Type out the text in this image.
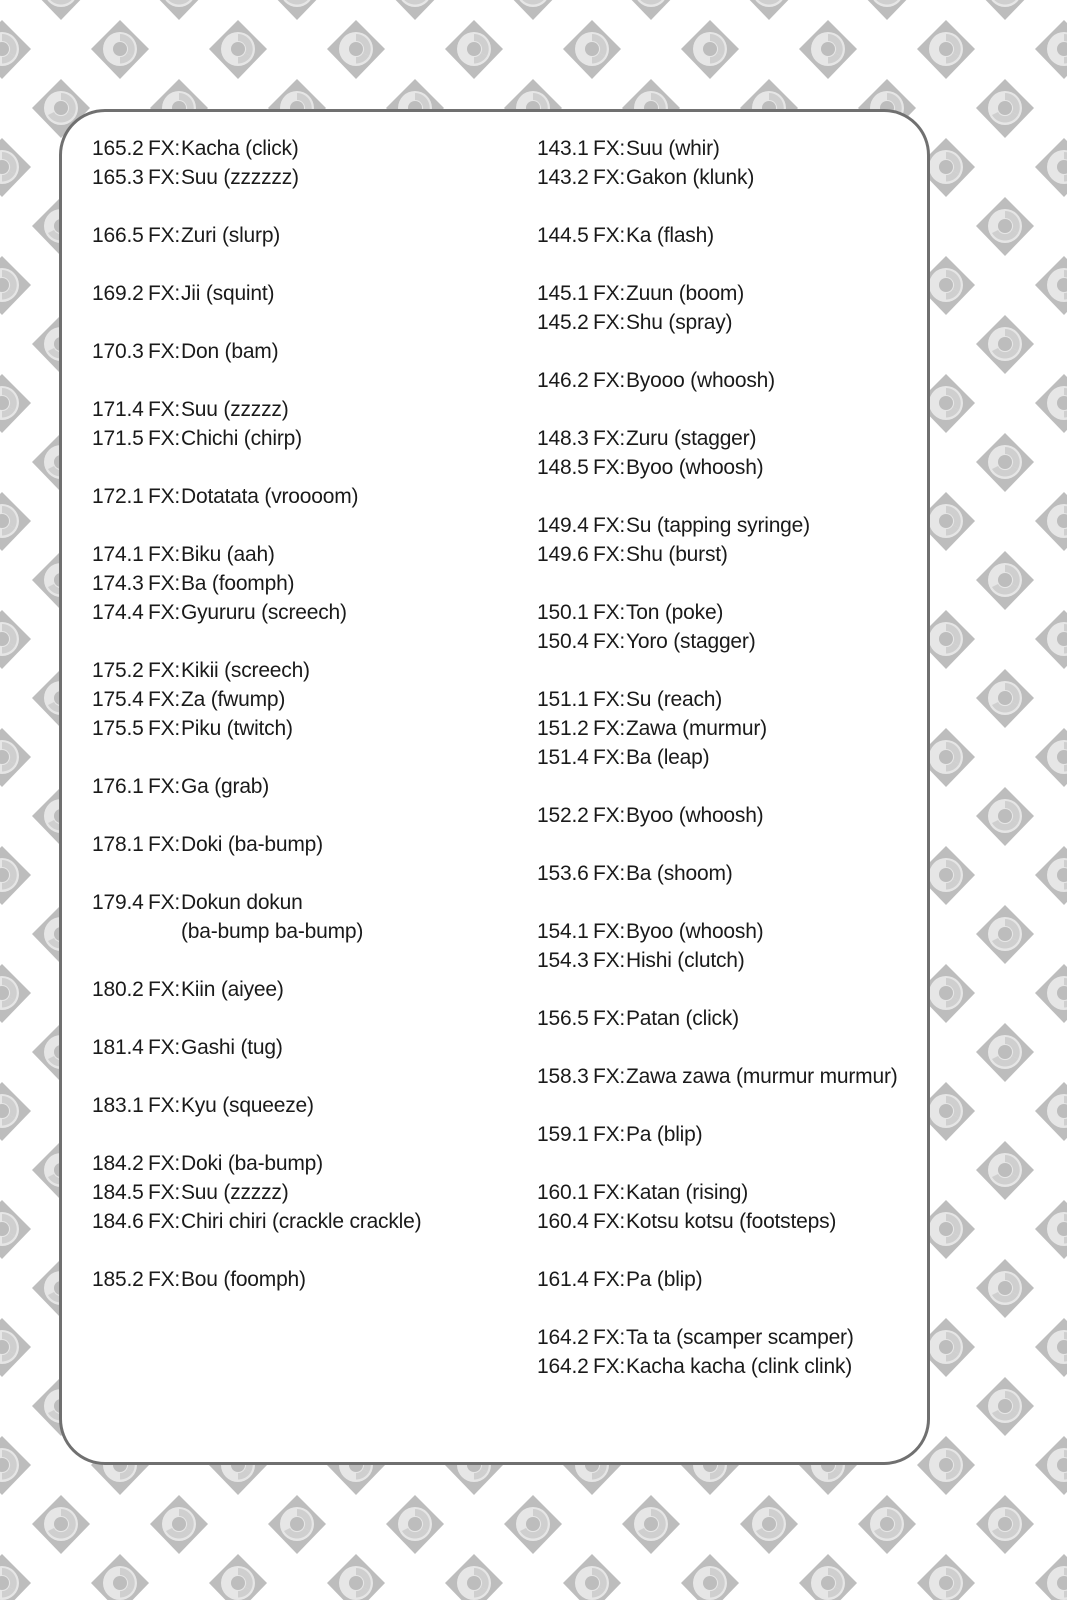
165.2 FX: Kacha (click)
165.3 FX: Suu (zzzzzz)
166.5 FX: Zuri (slurp)
169.2 FX: Jii (squint)
170.3 FX: Don (bam)
171.4 FX: Suu (zzzzz)
171.5 FX: Chichi (chirp)
172.1 FX: Dotatata (vroooom)
174.1 FX: Biku (aah)
174.3 FX: Ba (foomph)
174.4 FX: Gyururu (screech)
175.2 FX: Kikii (screech)
175.4 FX: Za (fwump)
175.5 FX: Piku (twitch)
176.1 FX: Ga (grab)
178.1 FX: Doki (ba-bump)
179.4 FX: Dokun dokun
(ba-bump ba-bump)
180.2 FX: Kiin (aiyee)
181.4 FX: Gashi (tug)
183.1 FX: Kyu (squeeze)
184.2 FX: Doki (ba-bump)
184.5 FX: Suu (zzzzz)
184.6 FX: Chiri chiri (crackle crackle)
185.2 FX: Bou (foomph)
143.1 FX: Suu (whir)
143.2 FX: Gakon (klunk)
144.5 FX: Ka (flash)
145.1 FX: Zuun (boom)
145.2 FX: Shu (spray)
146.2 FX: Byooo (whoosh)
148.3 FX: Zuru (stagger)
148.5 FX: Byoo (whoosh)
149.4 FX: Su (tapping syringe)
149.6 FX: Shu (burst)
150.1 FX: Ton (poke)
150.4 FX: Yoro (stagger)
151.1 FX: Su (reach)
151.2 FX: Zawa (murmur)
151.4 FX: Ba (leap)
152.2 FX: Byoo (whoosh)
153.6 FX: Ba (shoom)
154.1 FX: Byoo (whoosh)
154.3 FX: Hishi (clutch)
156.5 FX: Patan (click)
158.3 FX: Zawa zawa (murmur murmur)
159.1 FX: Pa (blip)
160.1 FX: Katan (rising)
160.4 FX: Kotsu kotsu (footsteps)
161.4 FX: Pa (blip)
164.2 FX: Ta ta (scamper scamper)
164.2 FX: Kacha kacha (clink clink)
